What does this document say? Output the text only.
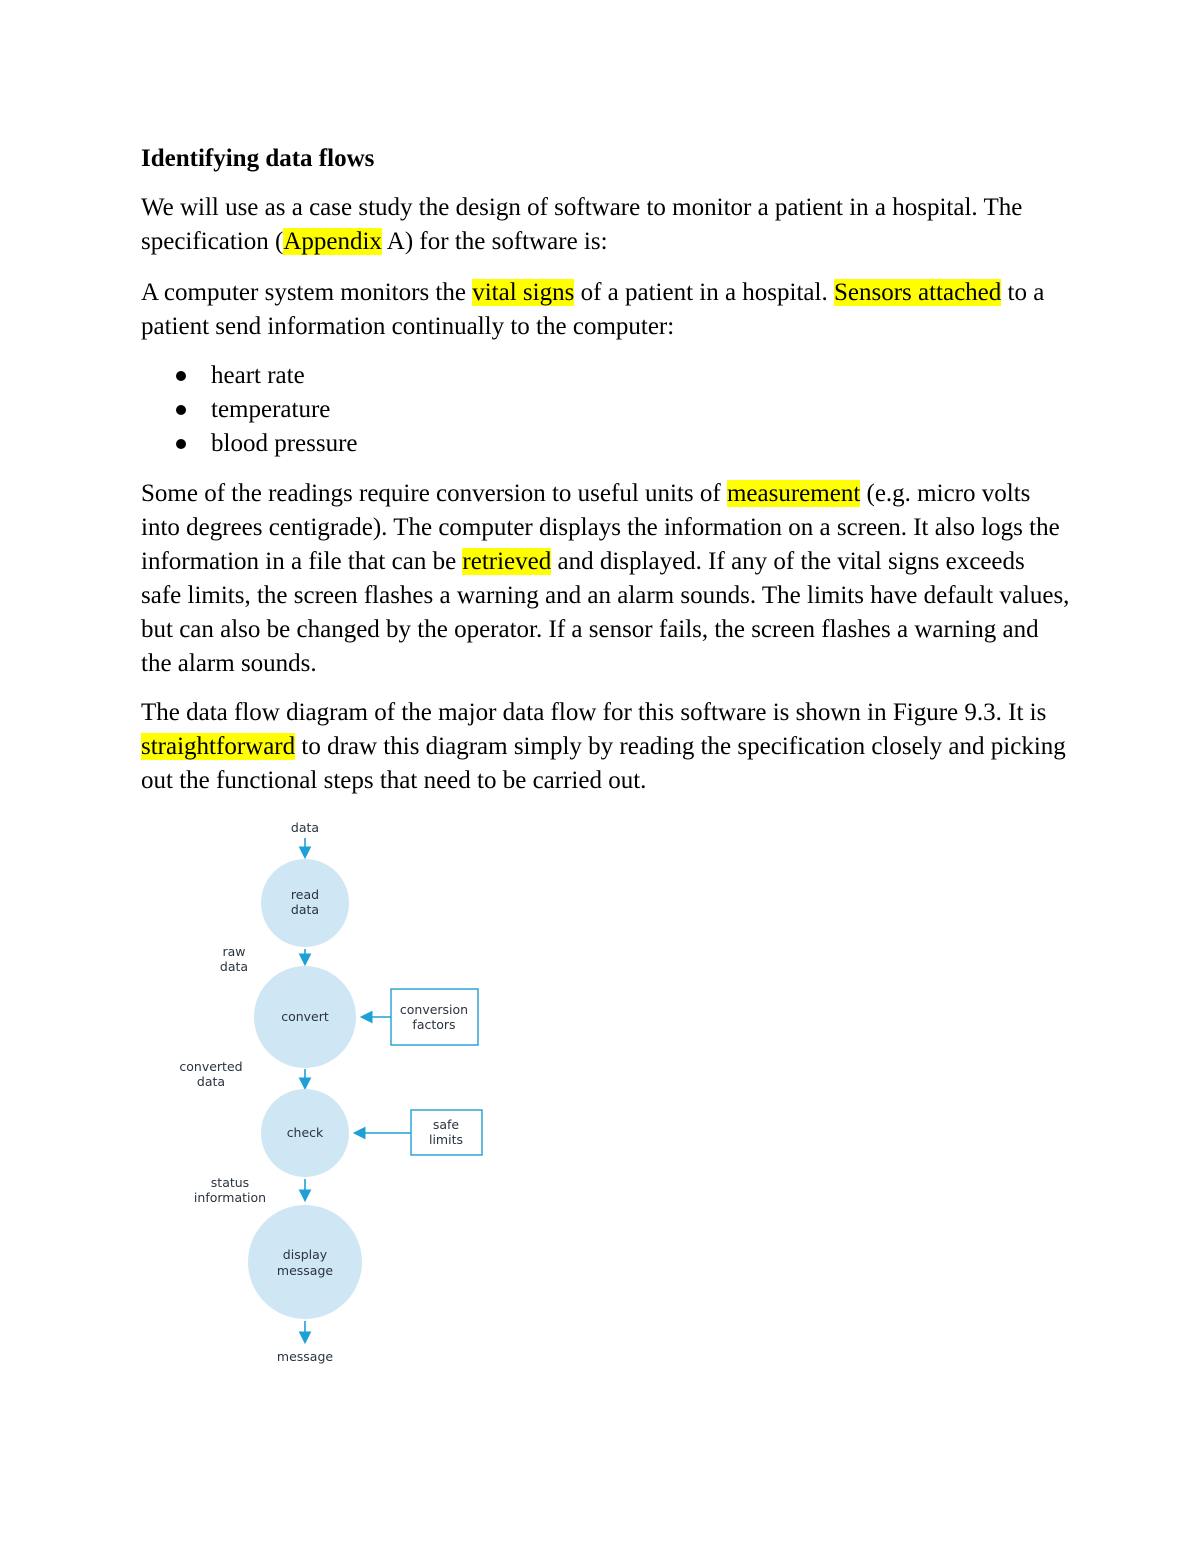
Identifying data flows

We will use as a case study the design of software to monitor a patient in a hospital. The specification (Appendix A) for the software is:

A computer system monitors the vital signs of a patient in a hospital. Sensors attached to a patient send information continually to the computer:

heart rate
temperature
blood pressure

Some of the readings require conversion to useful units of measurement (e.g. micro volts into degrees centigrade). The computer displays the information on a screen. It also logs the information in a file that can be retrieved and displayed. If any of the vital signs exceeds safe limits, the screen flashes a warning and an alarm sounds. The limits have default values, but can also be changed by the operator. If a sensor fails, the screen flashes a warning and the alarm sounds.

The data flow diagram of the major data flow for this software is shown in Figure 9.3. It is straightforward to draw this diagram simply by reading the specification closely and picking out the functional steps that need to be carried out.

data
read
data
raw
data
convert	conversion
factors
converted
data
check
safe
limits
status
information
display
message
message
